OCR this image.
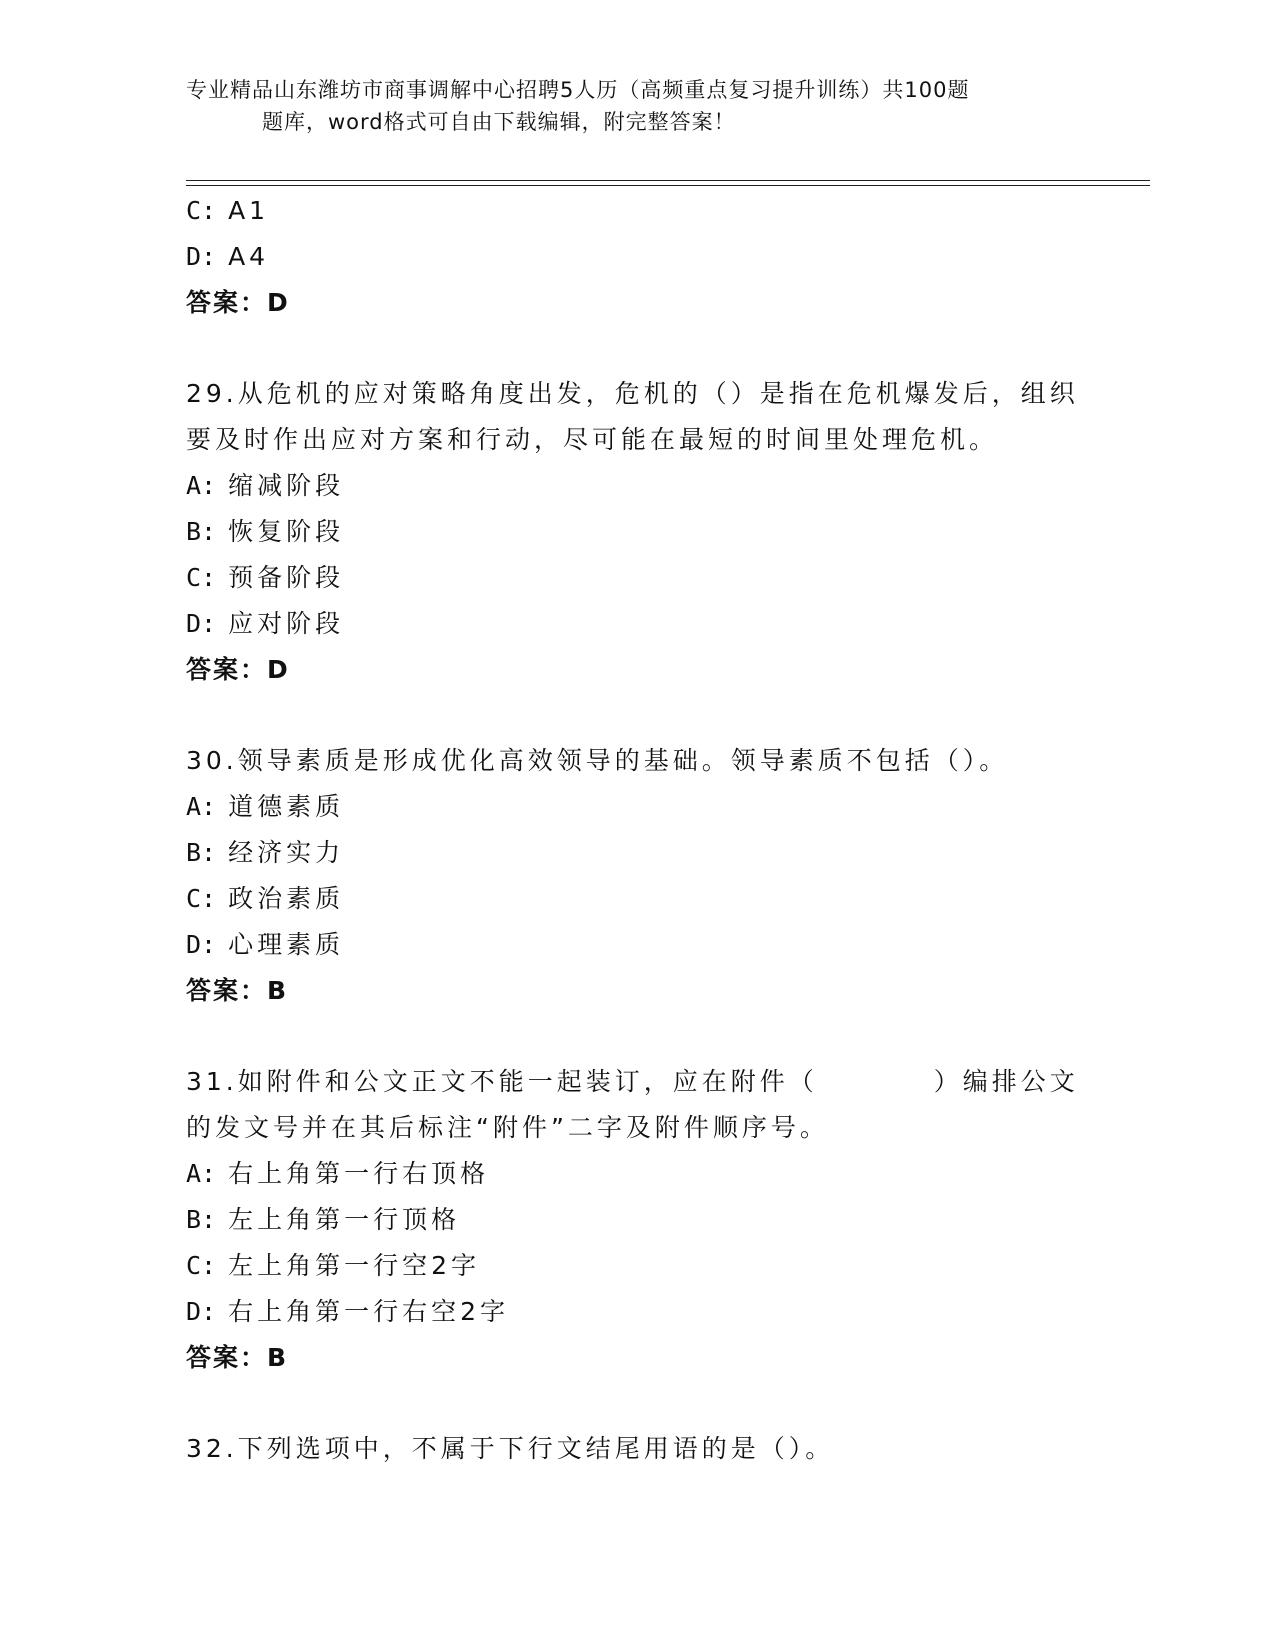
专业精品山东潍坊市商事调解中心招聘5人历（高频重点复习提升训练）共100题
题库，word格式可自由下载编辑，附完整答案！
C: A1
D: A4
答案：D
29.从危机的应对策略角度出发，危机的（）是指在危机爆发后，组织
要及时作出应对方案和行动，尽可能在最短的时间里处理危机。
A: 缩减阶段
B: 恢复阶段
C: 预备阶段
D: 应对阶段
答案：D
30.领导素质是形成优化高效领导的基础。领导素质不包括（）。
A: 道德素质
B: 经济实力
C: 政治素质
D: 心理素质
答案：B
31.如附件和公文正文不能一起装订，应在附件（　　　　）编排公文
的发文号并在其后标注“附件”二字及附件顺序号。
A: 右上角第一行右顶格
B: 左上角第一行顶格
C: 左上角第一行空2字
D: 右上角第一行右空2字
答案：B
32.下列选项中，不属于下行文结尾用语的是（）。
